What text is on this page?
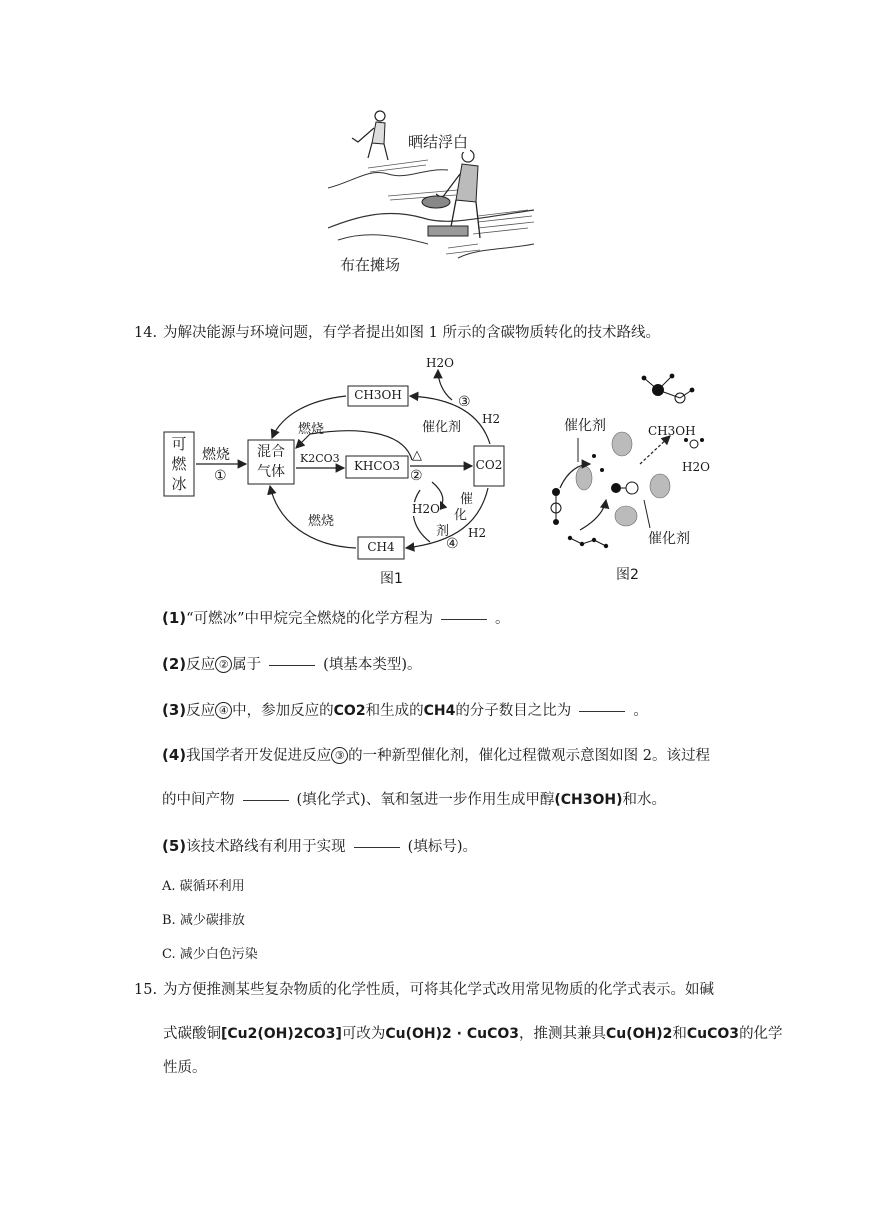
晒结浮白
布在摊场
14. 为解决能源与环境问题，有学者提出如图 1 所示的含碳物质转化的技术路线。
可
燃
冰
燃烧
①
混合
气体
CH3OH
KHCO3	CO2
CH4
K2CO3
燃烧
燃烧
催化剂
H2O
③
H2
△
②
H2O
催
化
剂	H2
④
图1
催化剂
催化剂
CH3OH
H2O
图2
(1)“可燃冰”中甲烷完全燃烧的化学方程为	。
(2)反应 ② 属于	(填基本类型)。
(3)反应 ④ 中，参加反应的CO2和生成的CH4的分子数目之比为	。
(4)我国学者开发促进反应 ③ 的一种新型催化剂，催化过程微观示意图如图 2。该过程
的中间产物	(填化学式)、氧和氢进一步作用生成甲醇(CH3OH)和水。
(5)该技术路线有利用于实现	(填标号)。
A. 碳循环利用
B. 减少碳排放
C. 减少白色污染
15. 为方便推测某些复杂物质的化学性质，可将其化学式改用常见物质的化学式表示。如碱
式碳酸铜[Cu2(OH)2CO3]可改为Cu(OH)2 · CuCO3，推测其兼具Cu(OH)2和CuCO3的化学
性质。
